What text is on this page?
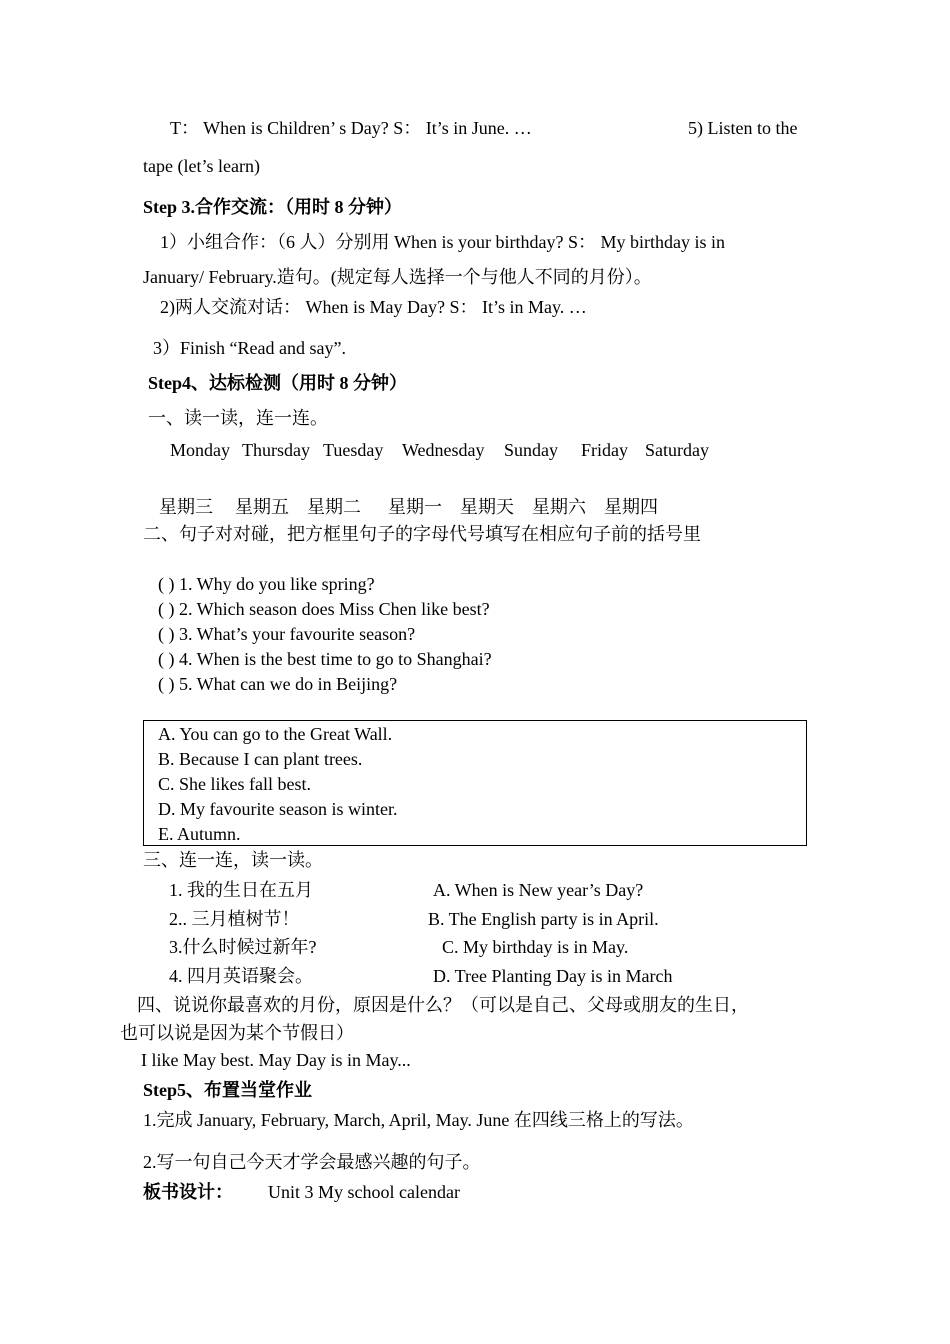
T： When is Children’ s Day? S： It’s in June. …	5) Listen to the
tape (let’s learn)
Step 3.合作交流：（用时 8 分钟）
1）小组合作：（6 人）分别用 When is your birthday? S： My birthday is in
January/ February.造句。(规定每人选择一个与他人不同的月份）。
2)两人交流对话： When is May Day? S： It’s in May. …
3）Finish “Read and say”.
Step4、达标检测（用时 8 分钟）
一、读一读，连一连。
Monday Thursday Tuesday Wednesday Sunday Friday Saturday
星期三 星期五 星期二 星期一 星期天 星期六 星期四
二、句子对对碰，把方框里句子的字母代号填写在相应句子前的括号里
( ) 1. Why do you like spring?
( ) 2. Which season does Miss Chen like best?
( ) 3. What’s your favourite season?
( ) 4. When is the best time to go to Shanghai?
( ) 5. What can we do in Beijing?
A. You can go to the Great Wall.
B. Because I can plant trees.
C. She likes fall best.
D. My favourite season is winter.
E. Autumn.
三、连一连，读一读。
1. 我的生日在五月
2.. 三月植树节！
3.什么时候过新年?
4. 四月英语聚会。
A. When is New year’s Day?
B. The English party is in April.
C. My birthday is in May.
D. Tree Planting Day is in March
四、说说你最喜欢的月份，原因是什么？（可以是自己、父母或朋友的生日，
也可以说是因为某个节假日）
I like May best. May Day is in May...
Step5、布置当堂作业
1.完成 January, February, March, April, May. June 在四线三格上的写法。
2.写一句自己今天才学会最感兴趣的句子。
板书设计： Unit 3 My school calendar
